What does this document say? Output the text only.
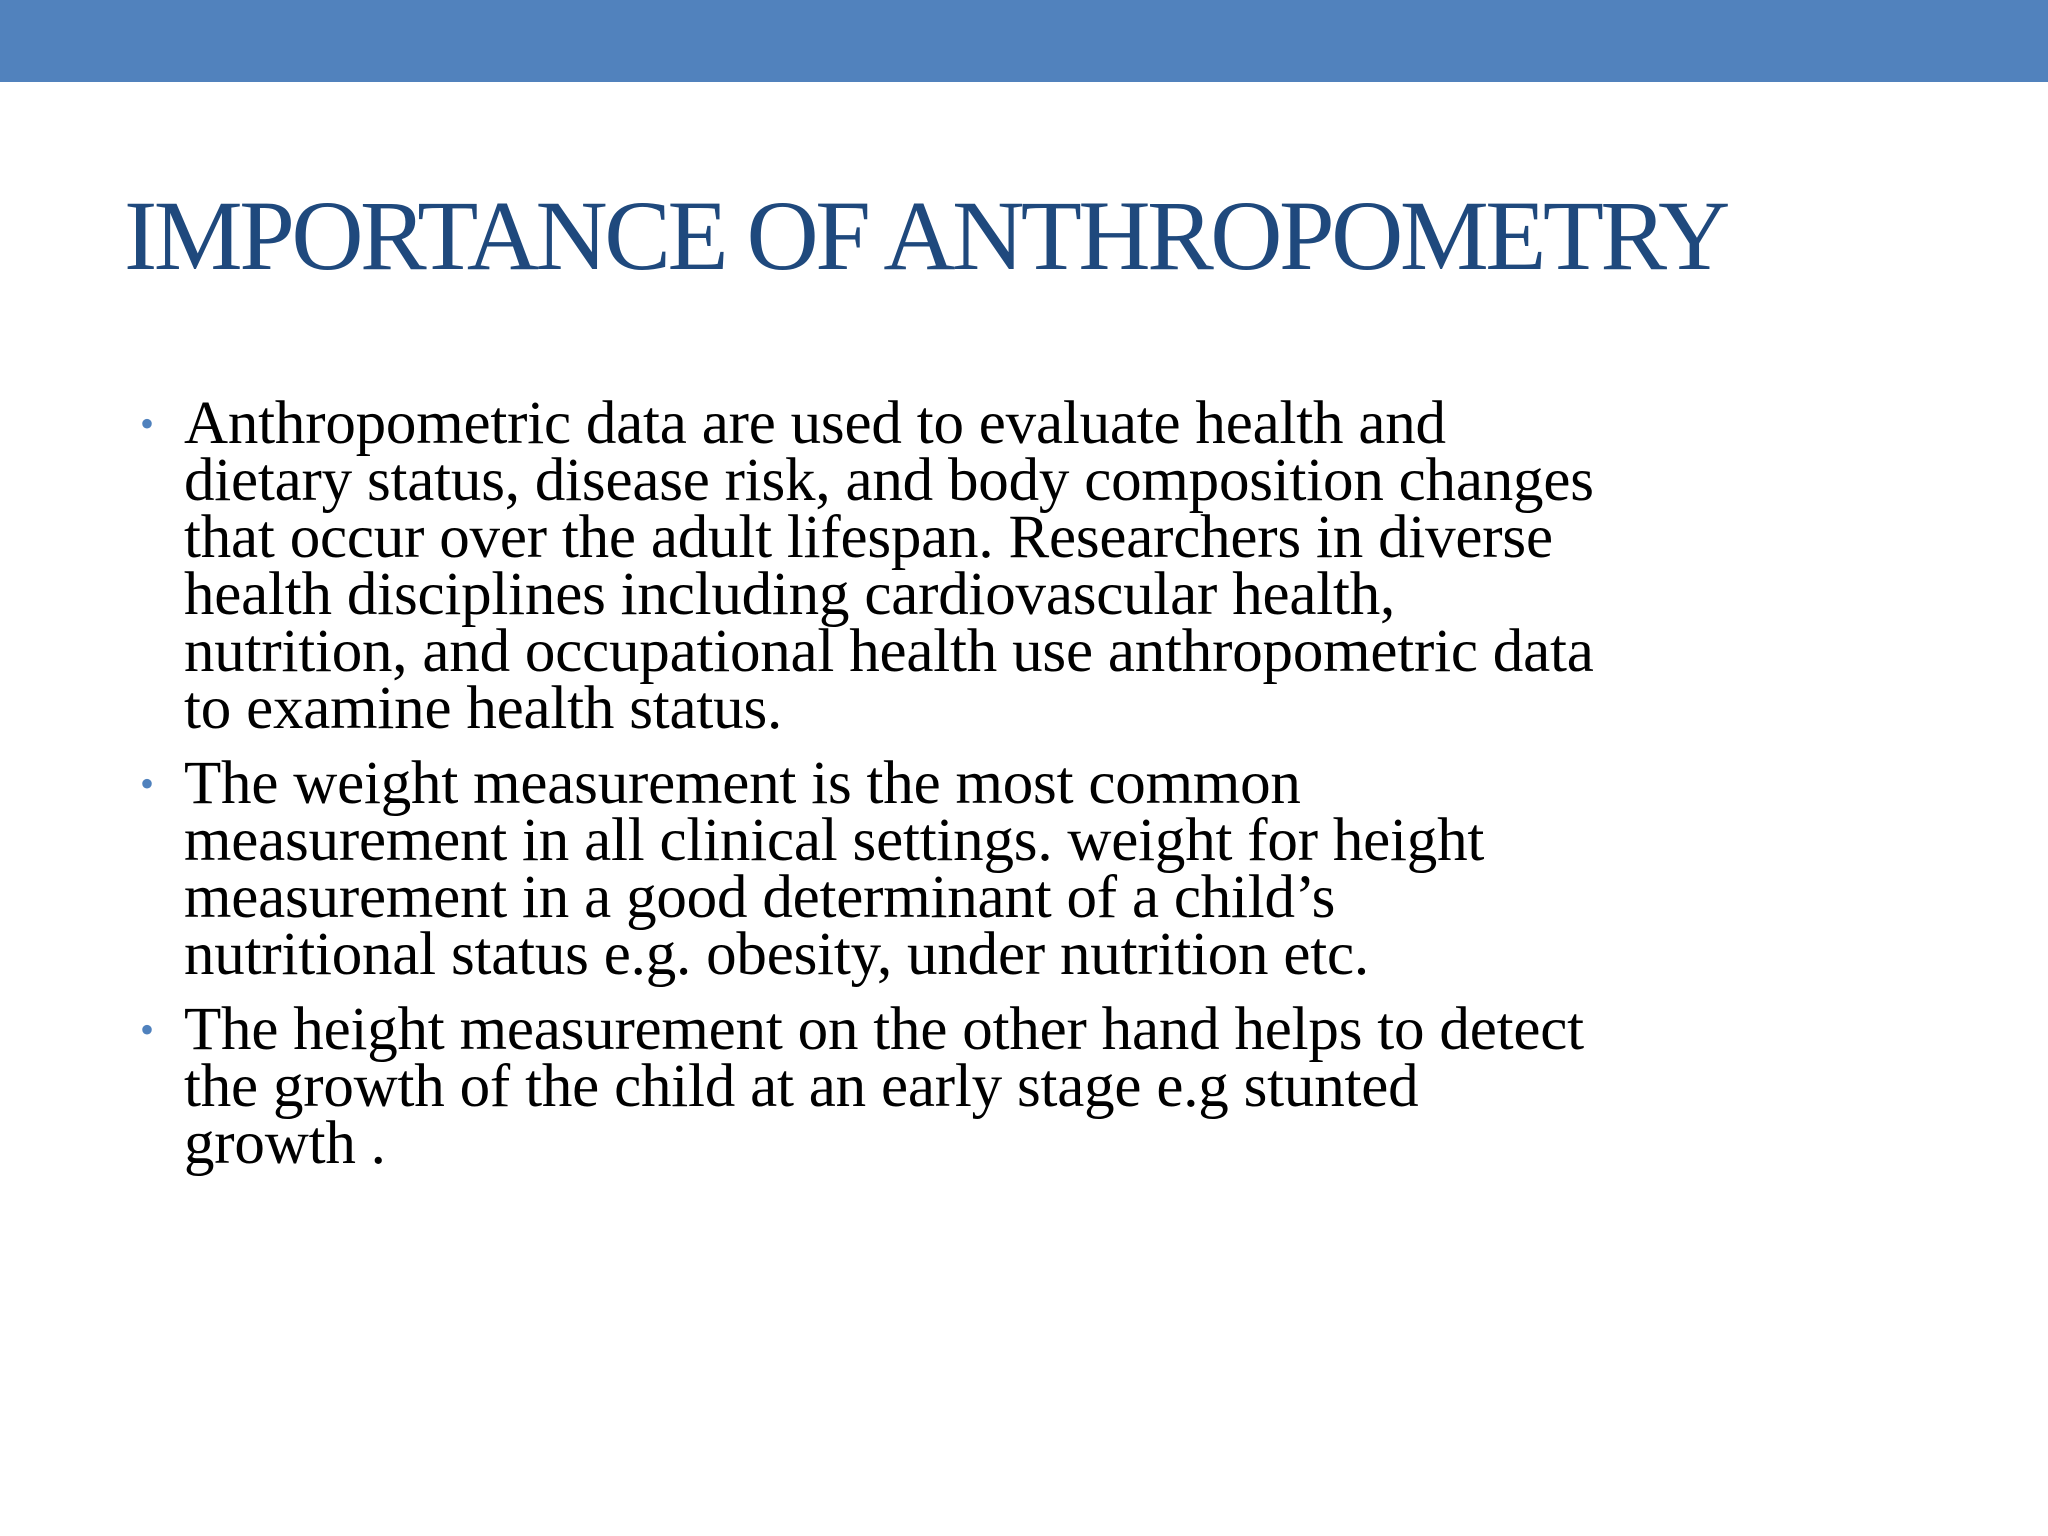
IMPORTANCE OF ANTHROPOMETRY
• Anthropometric data are used to evaluate health and
dietary status, disease risk, and body composition changes
that occur over the adult lifespan. Researchers in diverse
health disciplines including cardiovascular health,
nutrition, and occupational health use anthropometric data
to examine health status.
• The weight measurement is the most common
measurement in all clinical settings. weight for height
measurement in a good determinant of a child’s
nutritional status e.g. obesity, under nutrition etc.
• The height measurement on the other hand helps to detect
the growth of the child at an early stage e.g stunted
growth .
